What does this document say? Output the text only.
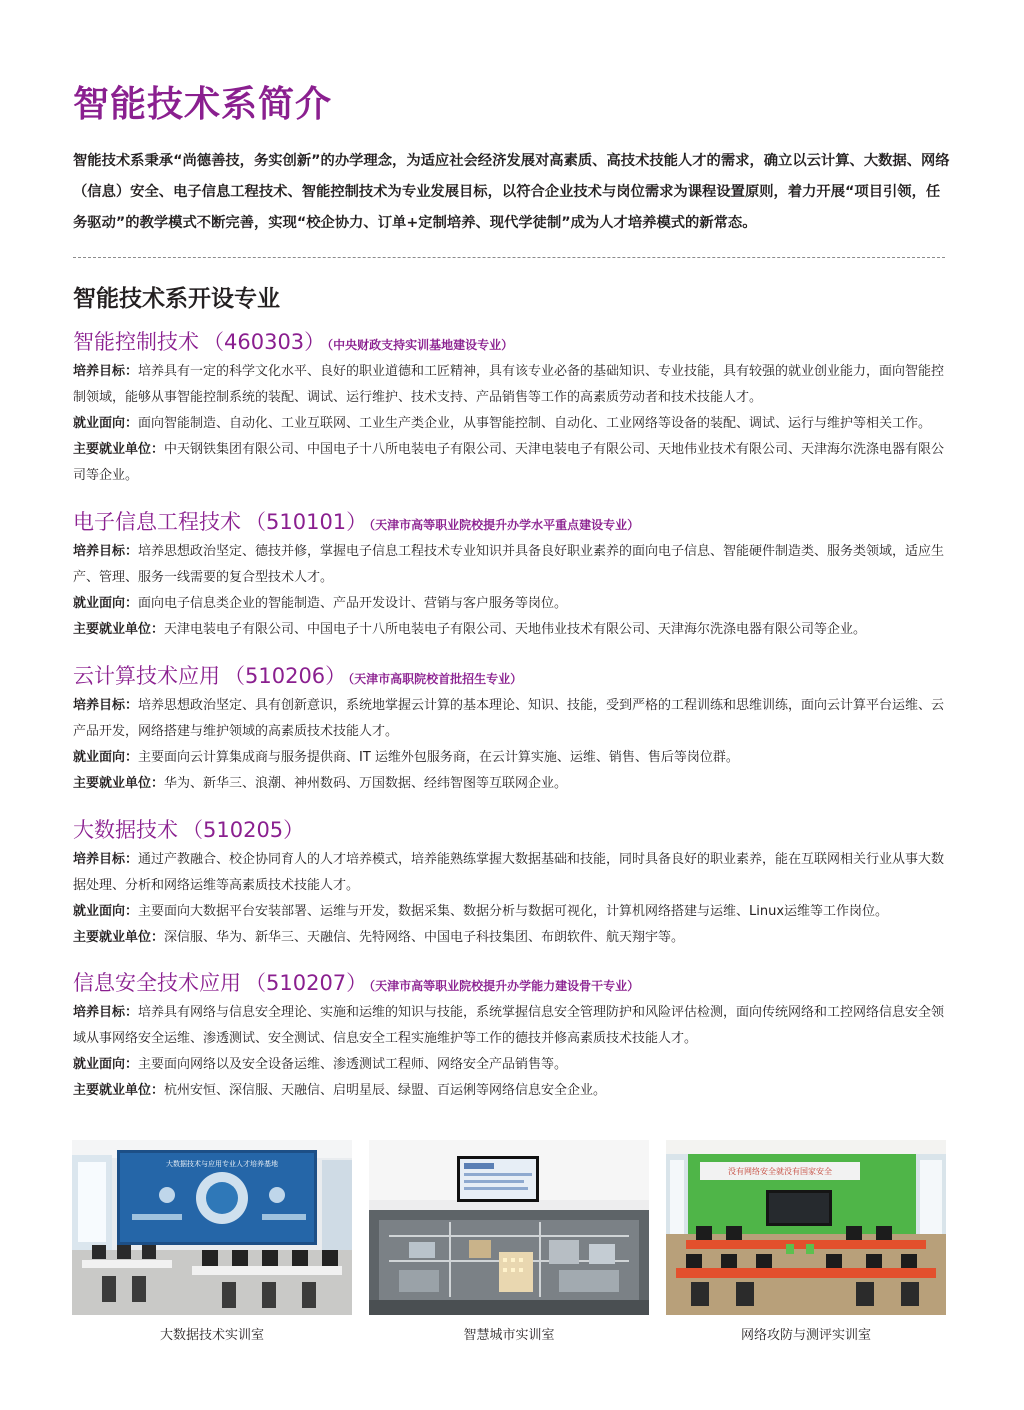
智能技术系简介

智能技术系秉承“尚德善技，务实创新”的办学理念，为适应社会经济发展对高素质、高技术技能人才的需求，确立以云计算、大数据、网络（信息）安全、电子信息工程技术、智能控制技术为专业发展目标，以符合企业技术与岗位需求为课程设置原则，着力开展“项目引领，任务驱动”的教学模式不断完善，实现“校企协力、订单+定制培养、现代学徒制”成为人才培养模式的新常态。

智能技术系开设专业
智能控制技术 （460303） （中央财政支持实训基地建设专业）

培养目标：培养具有一定的科学文化水平、良好的职业道德和工匠精神，具有该专业必备的基础知识、专业技能，具有较强的就业创业能力，面向智能控制领域，能够从事智能控制系统的装配、调试、运行维护、技术支持、产品销售等工作的高素质劳动者和技术技能人才。

就业面向：面向智能制造、自动化、工业互联网、工业生产类企业，从事智能控制、自动化、工业网络等设备的装配、调试、运行与维护等相关工作。

主要就业单位：中天钢铁集团有限公司、中国电子十八所电装电子有限公司、天津电装电子有限公司、天地伟业技术有限公司、天津海尔洗涤电器有限公司等企业。

电子信息工程技术 （510101） （天津市高等职业院校提升办学水平重点建设专业）

培养目标：培养思想政治坚定、德技并修，掌握电子信息工程技术专业知识并具备良好职业素养的面向电子信息、智能硬件制造类、服务类领域，适应生产、管理、服务一线需要的复合型技术人才。

就业面向：面向电子信息类企业的智能制造、产品开发设计、营销与客户服务等岗位。

主要就业单位：天津电装电子有限公司、中国电子十八所电装电子有限公司、天地伟业技术有限公司、天津海尔洗涤电器有限公司等企业。

云计算技术应用 （510206） （天津市高职院校首批招生专业）

培养目标：培养思想政治坚定、具有创新意识，系统地掌握云计算的基本理论、知识、技能，受到严格的工程训练和思维训练，面向云计算平台运维、云产品开发，网络搭建与维护领域的高素质技术技能人才。

就业面向：主要面向云计算集成商与服务提供商、IT 运维外包服务商，在云计算实施、运维、销售、售后等岗位群。

主要就业单位：华为、新华三、浪潮、神州数码、万国数据、经纬智图等互联网企业。

大数据技术 （510205）

培养目标：通过产教融合、校企协同育人的人才培养模式，培养能熟练掌握大数据基础和技能，同时具备良好的职业素养，能在互联网相关行业从事大数据处理、分析和网络运维等高素质技术技能人才。

就业面向：主要面向大数据平台安装部署、运维与开发，数据采集、数据分析与数据可视化，计算机网络搭建与运维、Linux运维等工作岗位。

主要就业单位：深信服、华为、新华三、天融信、先特网络、中国电子科技集团、布朗软件、航天翔宇等。

信息安全技术应用 （510207） （天津市高等职业院校提升办学能力建设骨干专业）

培养目标：培养具有网络与信息安全理论、实施和运维的知识与技能，系统掌握信息安全管理防护和风险评估检测，面向传统网络和工控网络信息安全领域从事网络安全运维、渗透测试、安全测试、信息安全工程实施维护等工作的德技并修高素质技术技能人才。

就业面向：主要面向网络以及安全设备运维、渗透测试工程师、网络安全产品销售等。

主要就业单位：杭州安恒、深信服、天融信、启明星辰、绿盟、百运俐等网络信息安全企业。

大数据技术与应用专业人才培养基地
大数据技术实训室	智慧城市实训室
没有网络安全就没有国家安全
网络攻防与测评实训室
